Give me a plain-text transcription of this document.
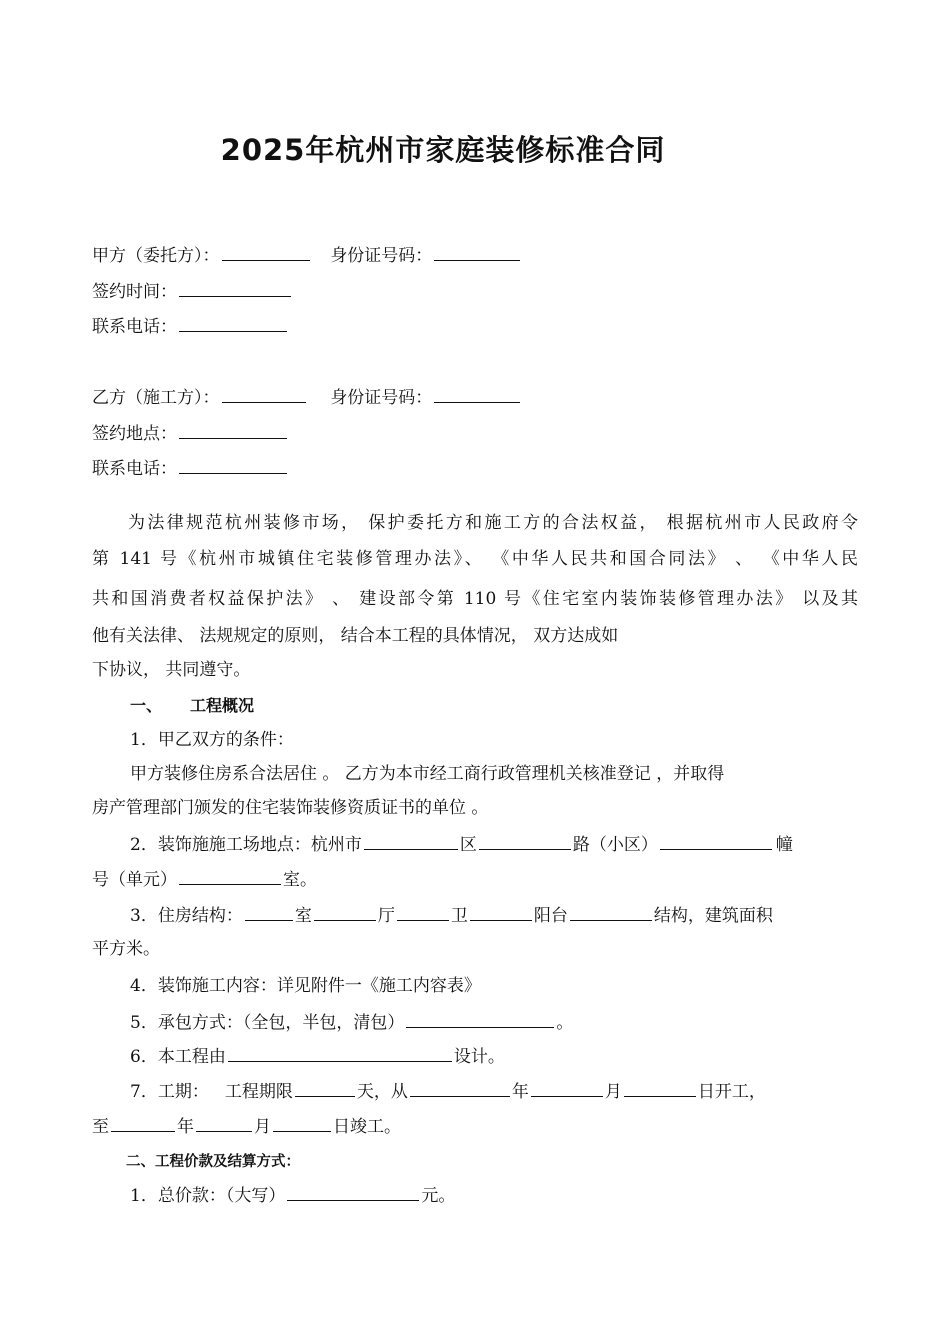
2025年杭州市家庭装修标准合同
甲方（委托方）：	身份证号码：
签约时间：
联系电话：
乙方（施工方）：	身份证号码：
签约地点：
联系电话：
为法律规范杭州装修市场， 保护委托方和施工方的合法权益， 根据杭州市人民政府令
第 141 号《杭州市城镇住宅装修管理办法》、 《中华人民共和国合同法》 、 《中华人民
共和国消费者权益保护法》 、 建设部令第 110 号《住宅室内装饰装修管理办法》 以及其
他有关法律、 法规规定的原则， 结合本工程的具体情况， 双方达成如
下协议， 共同遵守。
一、 工程概况
1．甲乙双方的条件：
甲方装修住房系合法居住 。 乙方为本市经工商行政管理机关核准登记 ，并取得
房产管理部门颁发的住宅装饰装修资质证书的单位 。
2．装饰施施工场地点：杭州市	区	路（小区）	幢
号（单元）	室。
3．住房结构：	室	厅	卫	阳台	结构，建筑面积
平方米。
4．装饰施工内容：详见附件一《施工内容表》
5．承包方式：（全包，半包，清包）	。
6．本工程由	设计。
7．工期： 工程期限	天，从	年	月	日开工，
至	年	月	日竣工。
二、工程价款及结算方式：
1．总价款：（大写）	元。
